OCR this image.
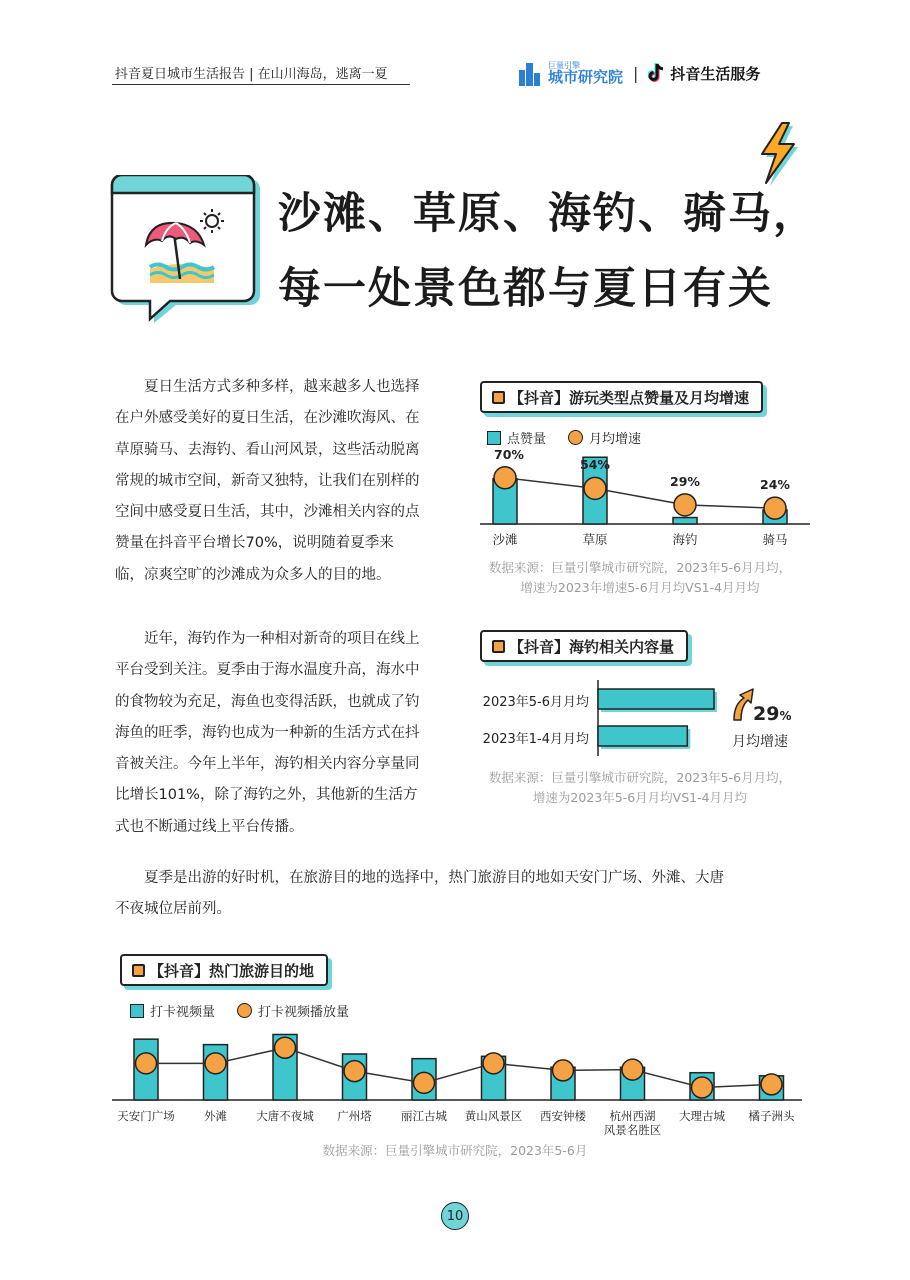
抖音夏日城市生活报告 | 在山川海岛，逃离一夏
巨量引擎
城市研究院 | 抖音生活服务
沙滩、草原、海钓、骑马，
每一处景色都与夏日有关
夏日生活方式多种多样，越来越多人也选择
在户外感受美好的夏日生活，在沙滩吹海风、在
草原骑马、去海钓、看山河风景，这些活动脱离
常规的城市空间，新奇又独特，让我们在别样的
空间中感受夏日生活，其中，沙滩相关内容的点
赞量在抖音平台增长70%，说明随着夏季来
临，凉爽空旷的沙滩成为众多人的目的地。
近年，海钓作为一种相对新奇的项目在线上
平台受到关注。夏季由于海水温度升高，海水中
的食物较为充足，海鱼也变得活跃，也就成了钓
海鱼的旺季，海钓也成为一种新的生活方式在抖
音被关注。今年上半年，海钓相关内容分享量同
比增长101%，除了海钓之外，其他新的生活方
式也不断通过线上平台传播。
夏季是出游的好时机，在旅游目的地的选择中，热门旅游目的地如天安门广场、外滩、大唐
不夜城位居前列。
【抖音】游玩类型点赞量及月均增速
点赞量	月均增速
沙滩	草原	海钓	骑马
70%
54%
29%	24%
数据来源：巨量引擎城市研究院，2023年5-6月月均，
增速为2023年增速5-6月月均VS1-4月月均
【抖音】海钓相关内容量
2023年5-6月月均
2023年1-4月月均
29%
月均增速
数据来源：巨量引擎城市研究院，2023年5-6月月均，
增速为2023年5-6月月均VS1-4月月均
【抖音】热门旅游目的地
打卡视频量	打卡视频播放量
天安门广场	外滩	大唐不夜城	广州塔	丽江古城	黄山风景区	西安钟楼	杭州西湖
风景名胜区
大理古城	橘子洲头
数据来源：巨量引擎城市研究院，2023年5-6月
10
